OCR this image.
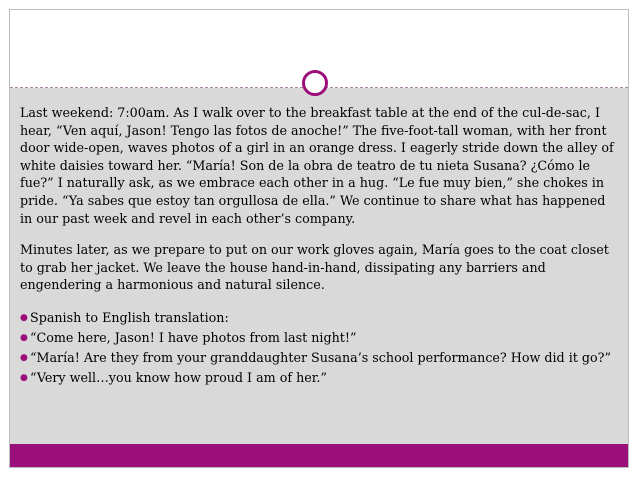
Last weekend: 7:00am. As I walk over to the breakfast table at the end of the cul-de-sac, I hear, “Ven aquí, Jason! Tengo las fotos de anoche!” The five-foot-tall woman, with her front door wide-open, waves photos of a girl in an orange dress. I eagerly stride down the alley of white daisies toward her. “María! Son de la obra de teatro de tu nieta Susana? ¿Cómo le fue?” I naturally ask, as we embrace each other in a hug. “Le fue muy bien,” she chokes in pride. “Ya sabes que estoy tan orgullosa de ella.” We continue to share what has happened in our past week and revel in each other’s company.

Minutes later, as we prepare to put on our work gloves again, María goes to the coat closet to grab her jacket. We leave the house hand-in-hand, dissipating any barriers and engendering a harmonious and natural silence.

● Spanish to English translation:
● “Come here, Jason! I have photos from last night!”
● “María! Are they from your granddaughter Susana’s school performance? How did it go?”
● “Very well…you know how proud I am of her.”
